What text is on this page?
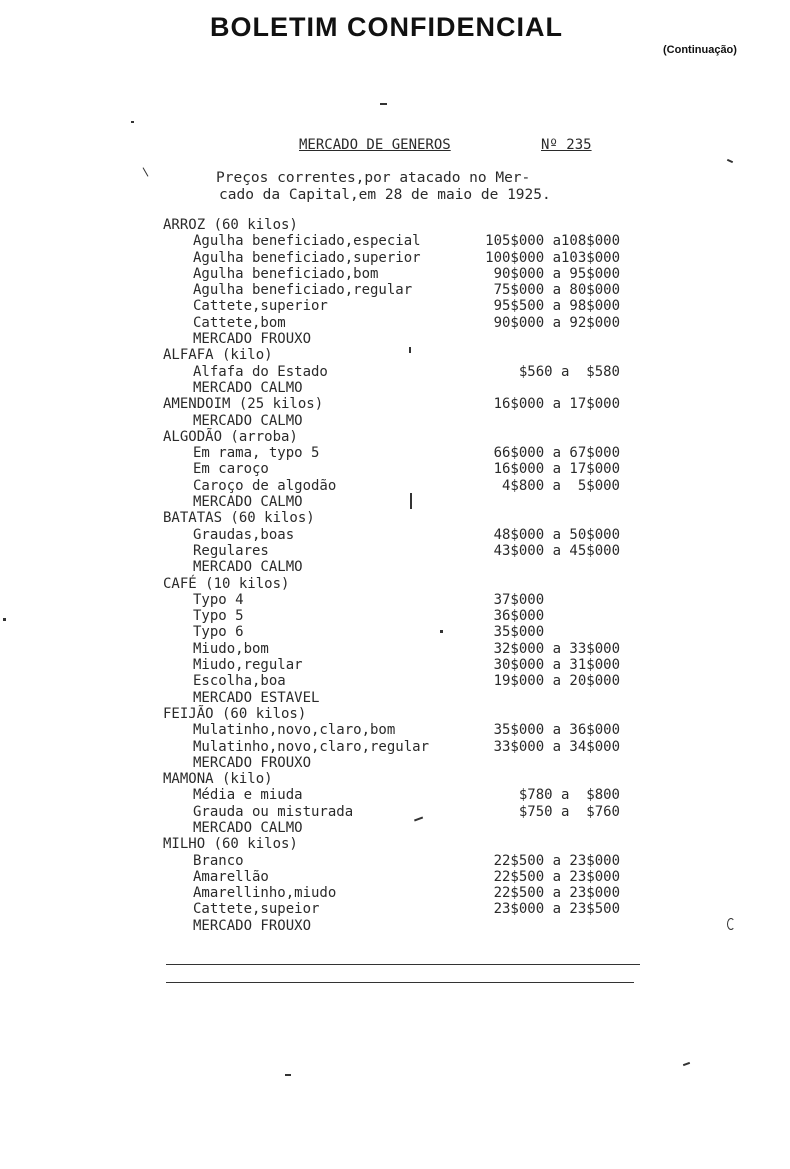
BOLETIM CONFIDENCIAL
(Continuação)
MERCADO DE GENEROS	Nº 235
Preços correntes,por atacado no Mer-
cado da Capital,em 28 de maio de 1925.
ARROZ (60 kilos)
Agulha beneficiado,especial	105$000 a108$000
Agulha beneficiado,superior	100$000 a103$000
Agulha beneficiado,bom	90$000 a 95$000
Agulha beneficiado,regular	75$000 a 80$000
Cattete,superior	95$500 a 98$000
Cattete,bom	90$000 a 92$000
MERCADO FROUXO
ALFAFA (kilo)
Alfafa do Estado	$560 a  $580
MERCADO CALMO
AMENDOIM (25 kilos)	16$000 a 17$000
MERCADO CALMO
ALGODÃO (arroba)
Em rama, typo 5	66$000 a 67$000
Em caroço	16$000 a 17$000
Caroço de algodão	4$800 a  5$000
MERCADO CALMO
BATATAS (60 kilos)
Graudas,boas	48$000 a 50$000
Regulares	43$000 a 45$000
MERCADO CALMO
CAFÉ (10 kilos)
Typo 4	37$000
Typo 5	36$000
Typo 6	35$000
Miudo,bom	32$000 a 33$000
Miudo,regular	30$000 a 31$000
Escolha,boa	19$000 a 20$000
MERCADO ESTAVEL
FEIJÃO (60 kilos)
Mulatinho,novo,claro,bom	35$000 a 36$000
Mulatinho,novo,claro,regular	33$000 a 34$000
MERCADO FROUXO
MAMONA (kilo)
Média e miuda	$780 a  $800
Grauda ou misturada	$750 a  $760
MERCADO CALMO
MILHO (60 kilos)
Branco	22$500 a 23$000
Amarellão	22$500 a 23$000
Amarellinho,miudo	22$500 a 23$000
Cattete,supeior	23$000 a 23$500
MERCADO FROUXO
